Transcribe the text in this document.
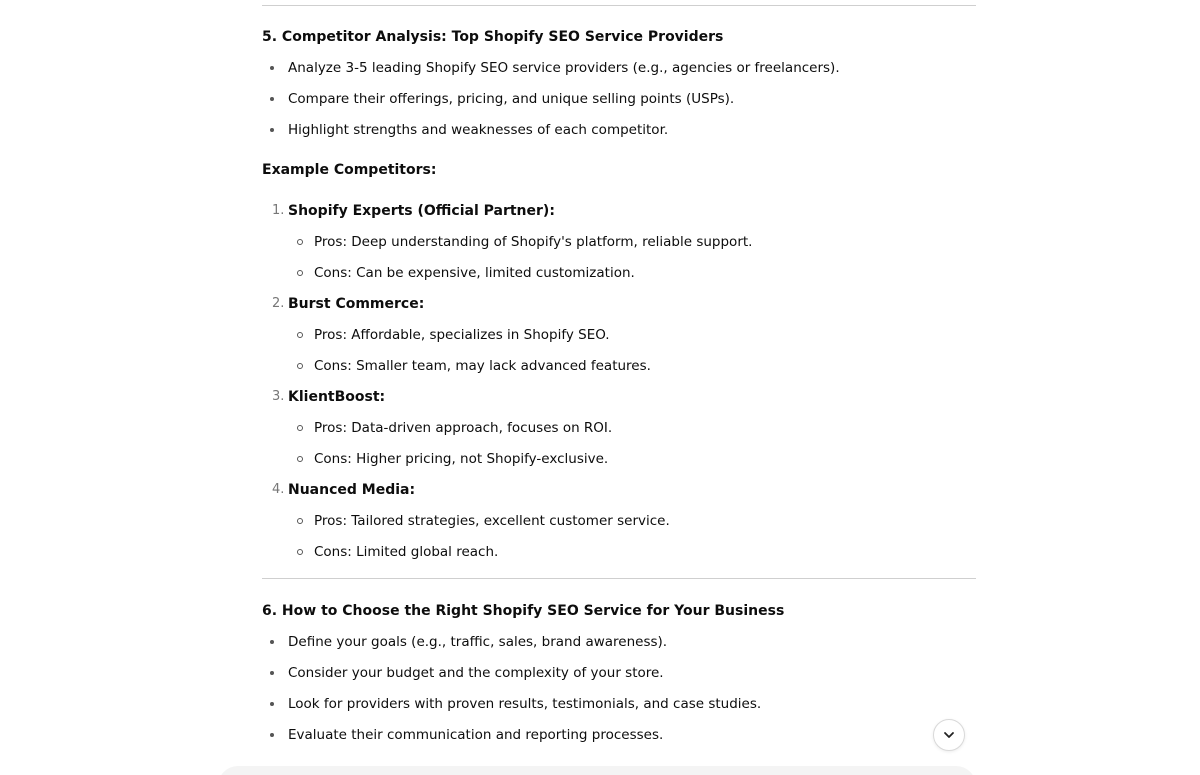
5. Competitor Analysis: Top Shopify SEO Service Providers
Analyze 3-5 leading Shopify SEO service providers (e.g., agencies or freelancers).
Compare their offerings, pricing, and unique selling points (USPs).
Highlight strengths and weaknesses of each competitor.
Example Competitors:
1. Shopify Experts (Official Partner):
Pros: Deep understanding of Shopify's platform, reliable support.
Cons: Can be expensive, limited customization.
2. Burst Commerce:
Pros: Affordable, specializes in Shopify SEO.
Cons: Smaller team, may lack advanced features.
3. KlientBoost:
Pros: Data-driven approach, focuses on ROI.
Cons: Higher pricing, not Shopify-exclusive.
4. Nuanced Media:
Pros: Tailored strategies, excellent customer service.
Cons: Limited global reach.
6. How to Choose the Right Shopify SEO Service for Your Business
Define your goals (e.g., traffic, sales, brand awareness).
Consider your budget and the complexity of your store.
Look for providers with proven results, testimonials, and case studies.
Evaluate their communication and reporting processes.
